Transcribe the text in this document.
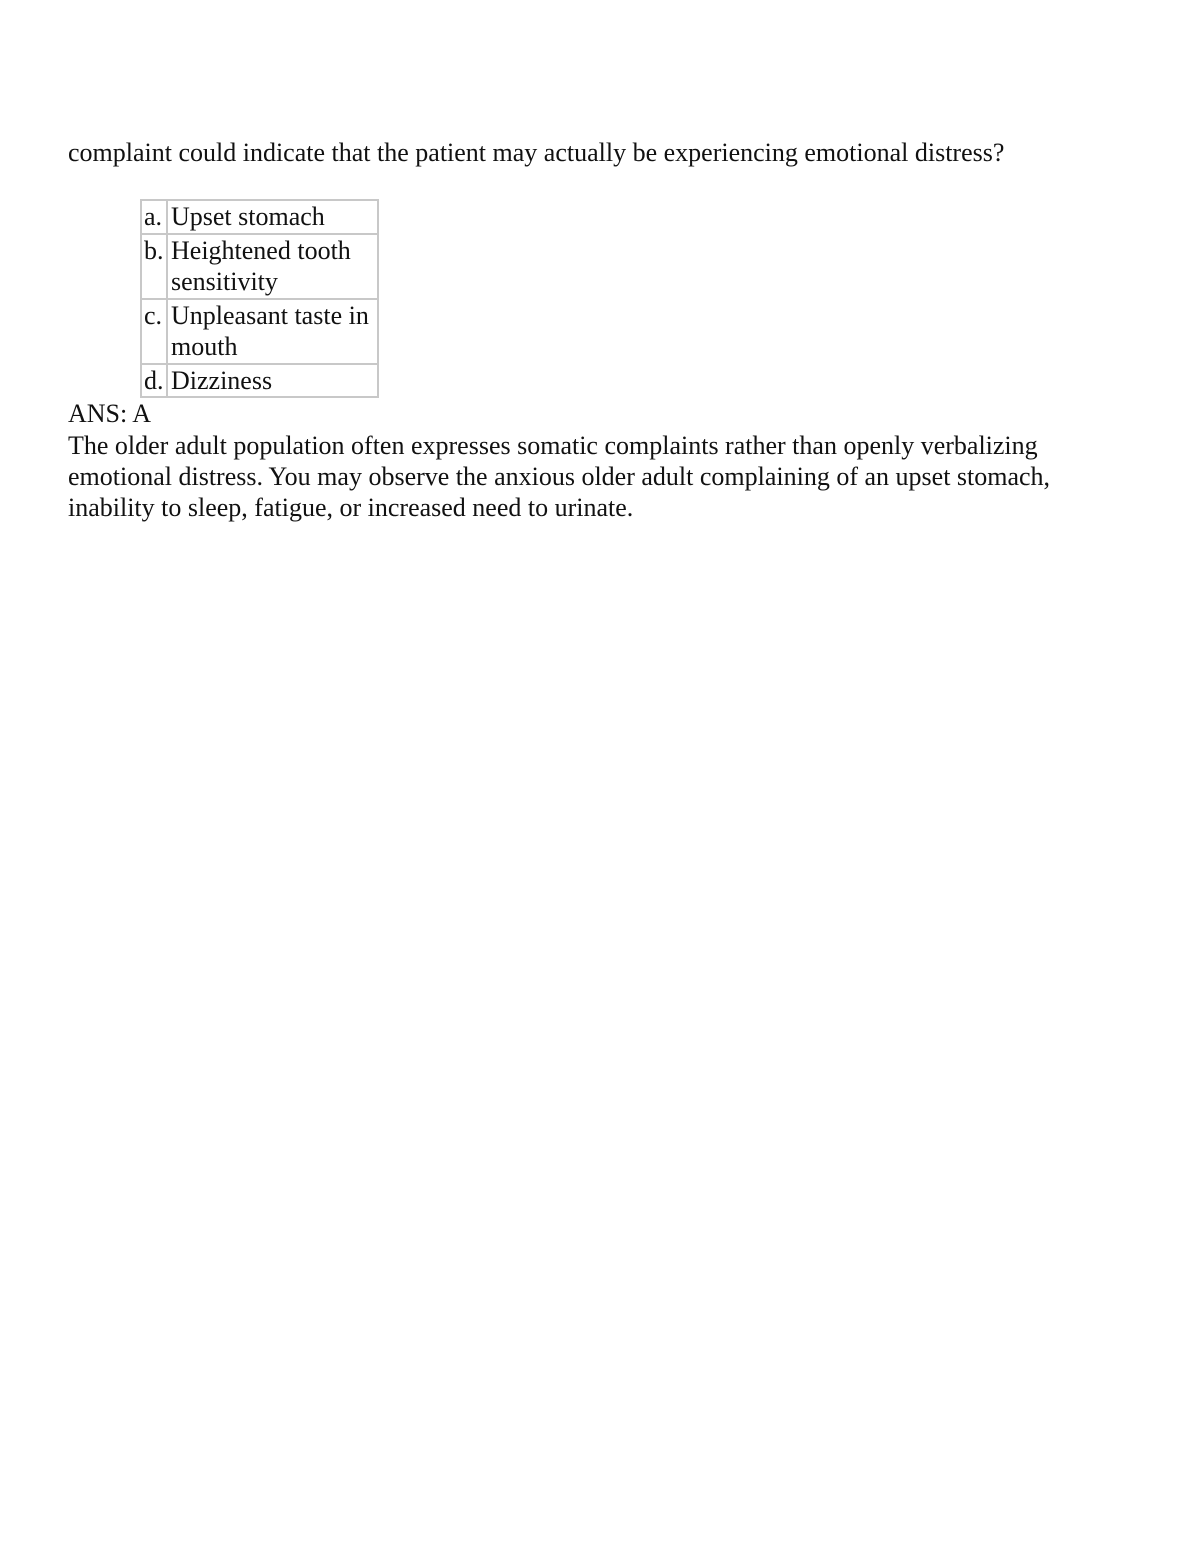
complaint could indicate that the patient may actually be experiencing emotional distress?
a.	Upset stomach
b.	Heightened tooth sensitivity
c.	Unpleasant taste in mouth
d.	Dizziness
ANS: A
The older adult population often expresses somatic complaints rather than openly verbalizing emotional distress. You may observe the anxious older adult complaining of an upset stomach, inability to sleep, fatigue, or increased need to urinate.
